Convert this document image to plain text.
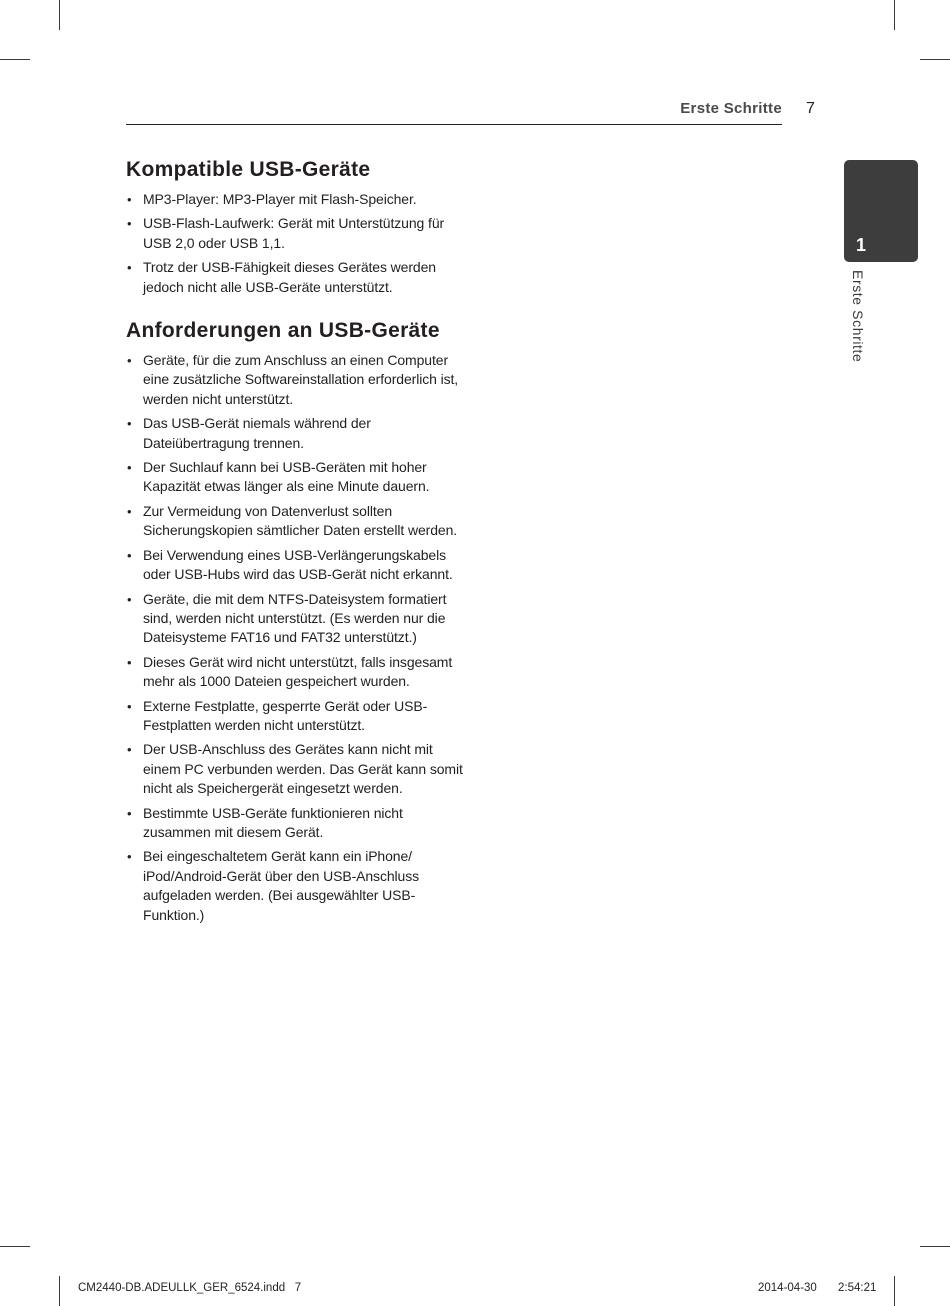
Erste Schritte 7
1
Erste Schritte
Kompatible USB-Geräte
• MP3-Player: MP3-Player mit Flash-Speicher.
• USB-Flash-Laufwerk: Gerät mit Unterstützung für USB 2,0 oder USB 1,1.
• Trotz der USB-Fähigkeit dieses Gerätes werden jedoch nicht alle USB-Geräte unterstützt.
Anforderungen an USB-Geräte
• Geräte, für die zum Anschluss an einen Computer eine zusätzliche Softwareinstallation erforderlich ist, werden nicht unterstützt.
• Das USB-Gerät niemals während der Dateiübertragung trennen.
• Der Suchlauf kann bei USB-Geräten mit hoher Kapazität etwas länger als eine Minute dauern.
• Zur Vermeidung von Datenverlust sollten Sicherungskopien sämtlicher Daten erstellt werden.
• Bei Verwendung eines USB-Verlängerungskabels oder USB-Hubs wird das USB-Gerät nicht erkannt.
• Geräte, die mit dem NTFS-Dateisystem formatiert sind, werden nicht unterstützt. (Es werden nur die Dateisysteme FAT16 und FAT32 unterstützt.)
• Dieses Gerät wird nicht unterstützt, falls insgesamt mehr als 1000 Dateien gespeichert wurden.
• Externe Festplatte, gesperrte Gerät oder USB-Festplatten werden nicht unterstützt.
• Der USB-Anschluss des Gerätes kann nicht mit einem PC verbunden werden. Das Gerät kann somit nicht als Speichergerät eingesetzt werden.
• Bestimmte USB-Geräte funktionieren nicht zusammen mit diesem Gerät.
• Bei eingeschaltetem Gerät kann ein iPhone/ iPod/Android-Gerät über den USB-Anschluss aufgeladen werden. (Bei ausgewählter USB-Funktion.)
CM2440-DB.ADEULLK_GER_6524.indd   7	2014-04-30 2:54:21
